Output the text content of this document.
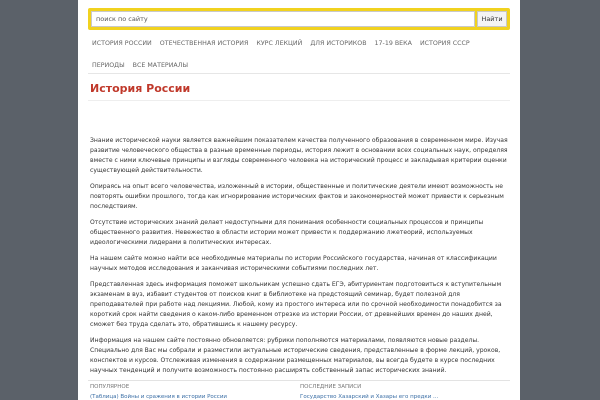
поиск по сайту
Найти
ИСТОРИЯ РОССИИ	ОТЕЧЕСТВЕННАЯ ИСТОРИЯ	КУРС ЛЕКЦИЙ	ДЛЯ ИСТОРИКОВ	17-19 ВЕКА	ИСТОРИЯ СССР
ПЕРИОДЫ	ВСЕ МАТЕРИАЛЫ
История России

Знание исторической науки является важнейшим показателем качества полученного образования в современном мире. Изучая развитие человеческого общества в разные временные периоды, история лежит в основании всех социальных наук, определяя вместе с ними ключевые принципы и взгляды современного человека на исторический процесс и закладывая критерии оценки существующей действительности.

Опираясь на опыт всего человечества, изложенный в истории, общественные и политические деятели имеют возможность не повторять ошибки прошлого, тогда как игнорирование исторических фактов и закономерностей может привести к серьезным последствиям.

Отсутствие исторических знаний делает недоступными для понимания особенности социальных процессов и принципы общественного развития. Невежество в области истории может привести к поддержанию лжетеорий, используемых идеологическими лидерами в политических интересах.

На нашем сайте можно найти все необходимые материалы по истории Российского государства, начиная от классификации научных методов исследования и заканчивая историческими событиями последних лет.

Представленная здесь информация поможет школьникам успешно сдать ЕГЭ, абитуриентам подготовиться к вступительным экзаменам в вуз, избавит студентов от поисков книг в библиотеке на предстоящий семинар, будет полезной для преподавателей при работе над лекциями. Любой, кому из простого интереса или по срочной необходимости понадобится за короткий срок найти сведения о каком-либо временном отрезке из истории России, от древнейших времен до наших дней, сможет без труда сделать это, обратившись к нашему ресурсу.

Информация на нашем сайте постоянно обновляется: рубрики пополняются материалами, появляются новые разделы. Специально для Вас мы собрали и разместили актуальные исторические сведения, представленные в форме лекций, уроков, конспектов и курсов. Отслеживая изменения в содержании размещенных материалов, вы всегда будете в курсе последних научных тенденций и получите возможность постоянно расширять собственный запас исторических знаний.

ПОПУЛЯРНОЕ	ПОСЛЕДНИЕ ЗАПИСИ
(Таблица) Войны и сражения в истории России	Государство Хазарский и Хазары его предки ...
